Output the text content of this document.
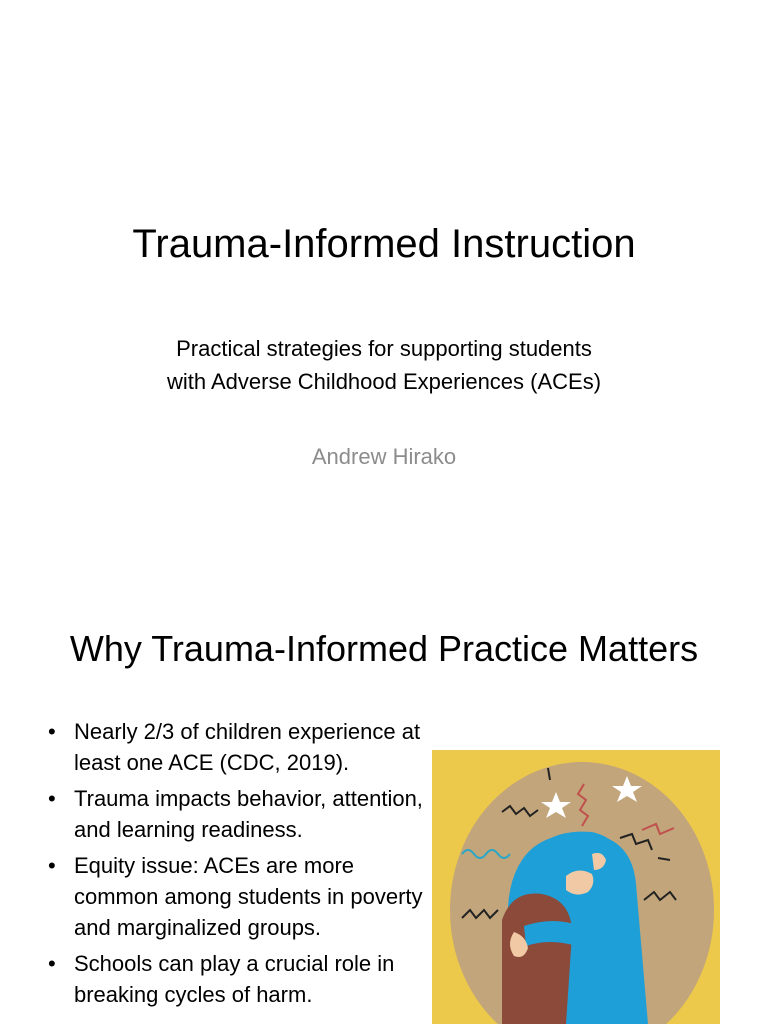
Trauma-Informed Instruction
Practical strategies for supporting students
with Adverse Childhood Experiences (ACEs)
Andrew Hirako
Why Trauma-Informed Practice Matters
• Nearly 2/3 of children experience at least one ACE (CDC, 2019).
• Trauma impacts behavior, attention, and learning readiness.
• Equity issue: ACEs are more common among students in poverty and marginalized groups.
• Schools can play a crucial role in breaking cycles of harm.
